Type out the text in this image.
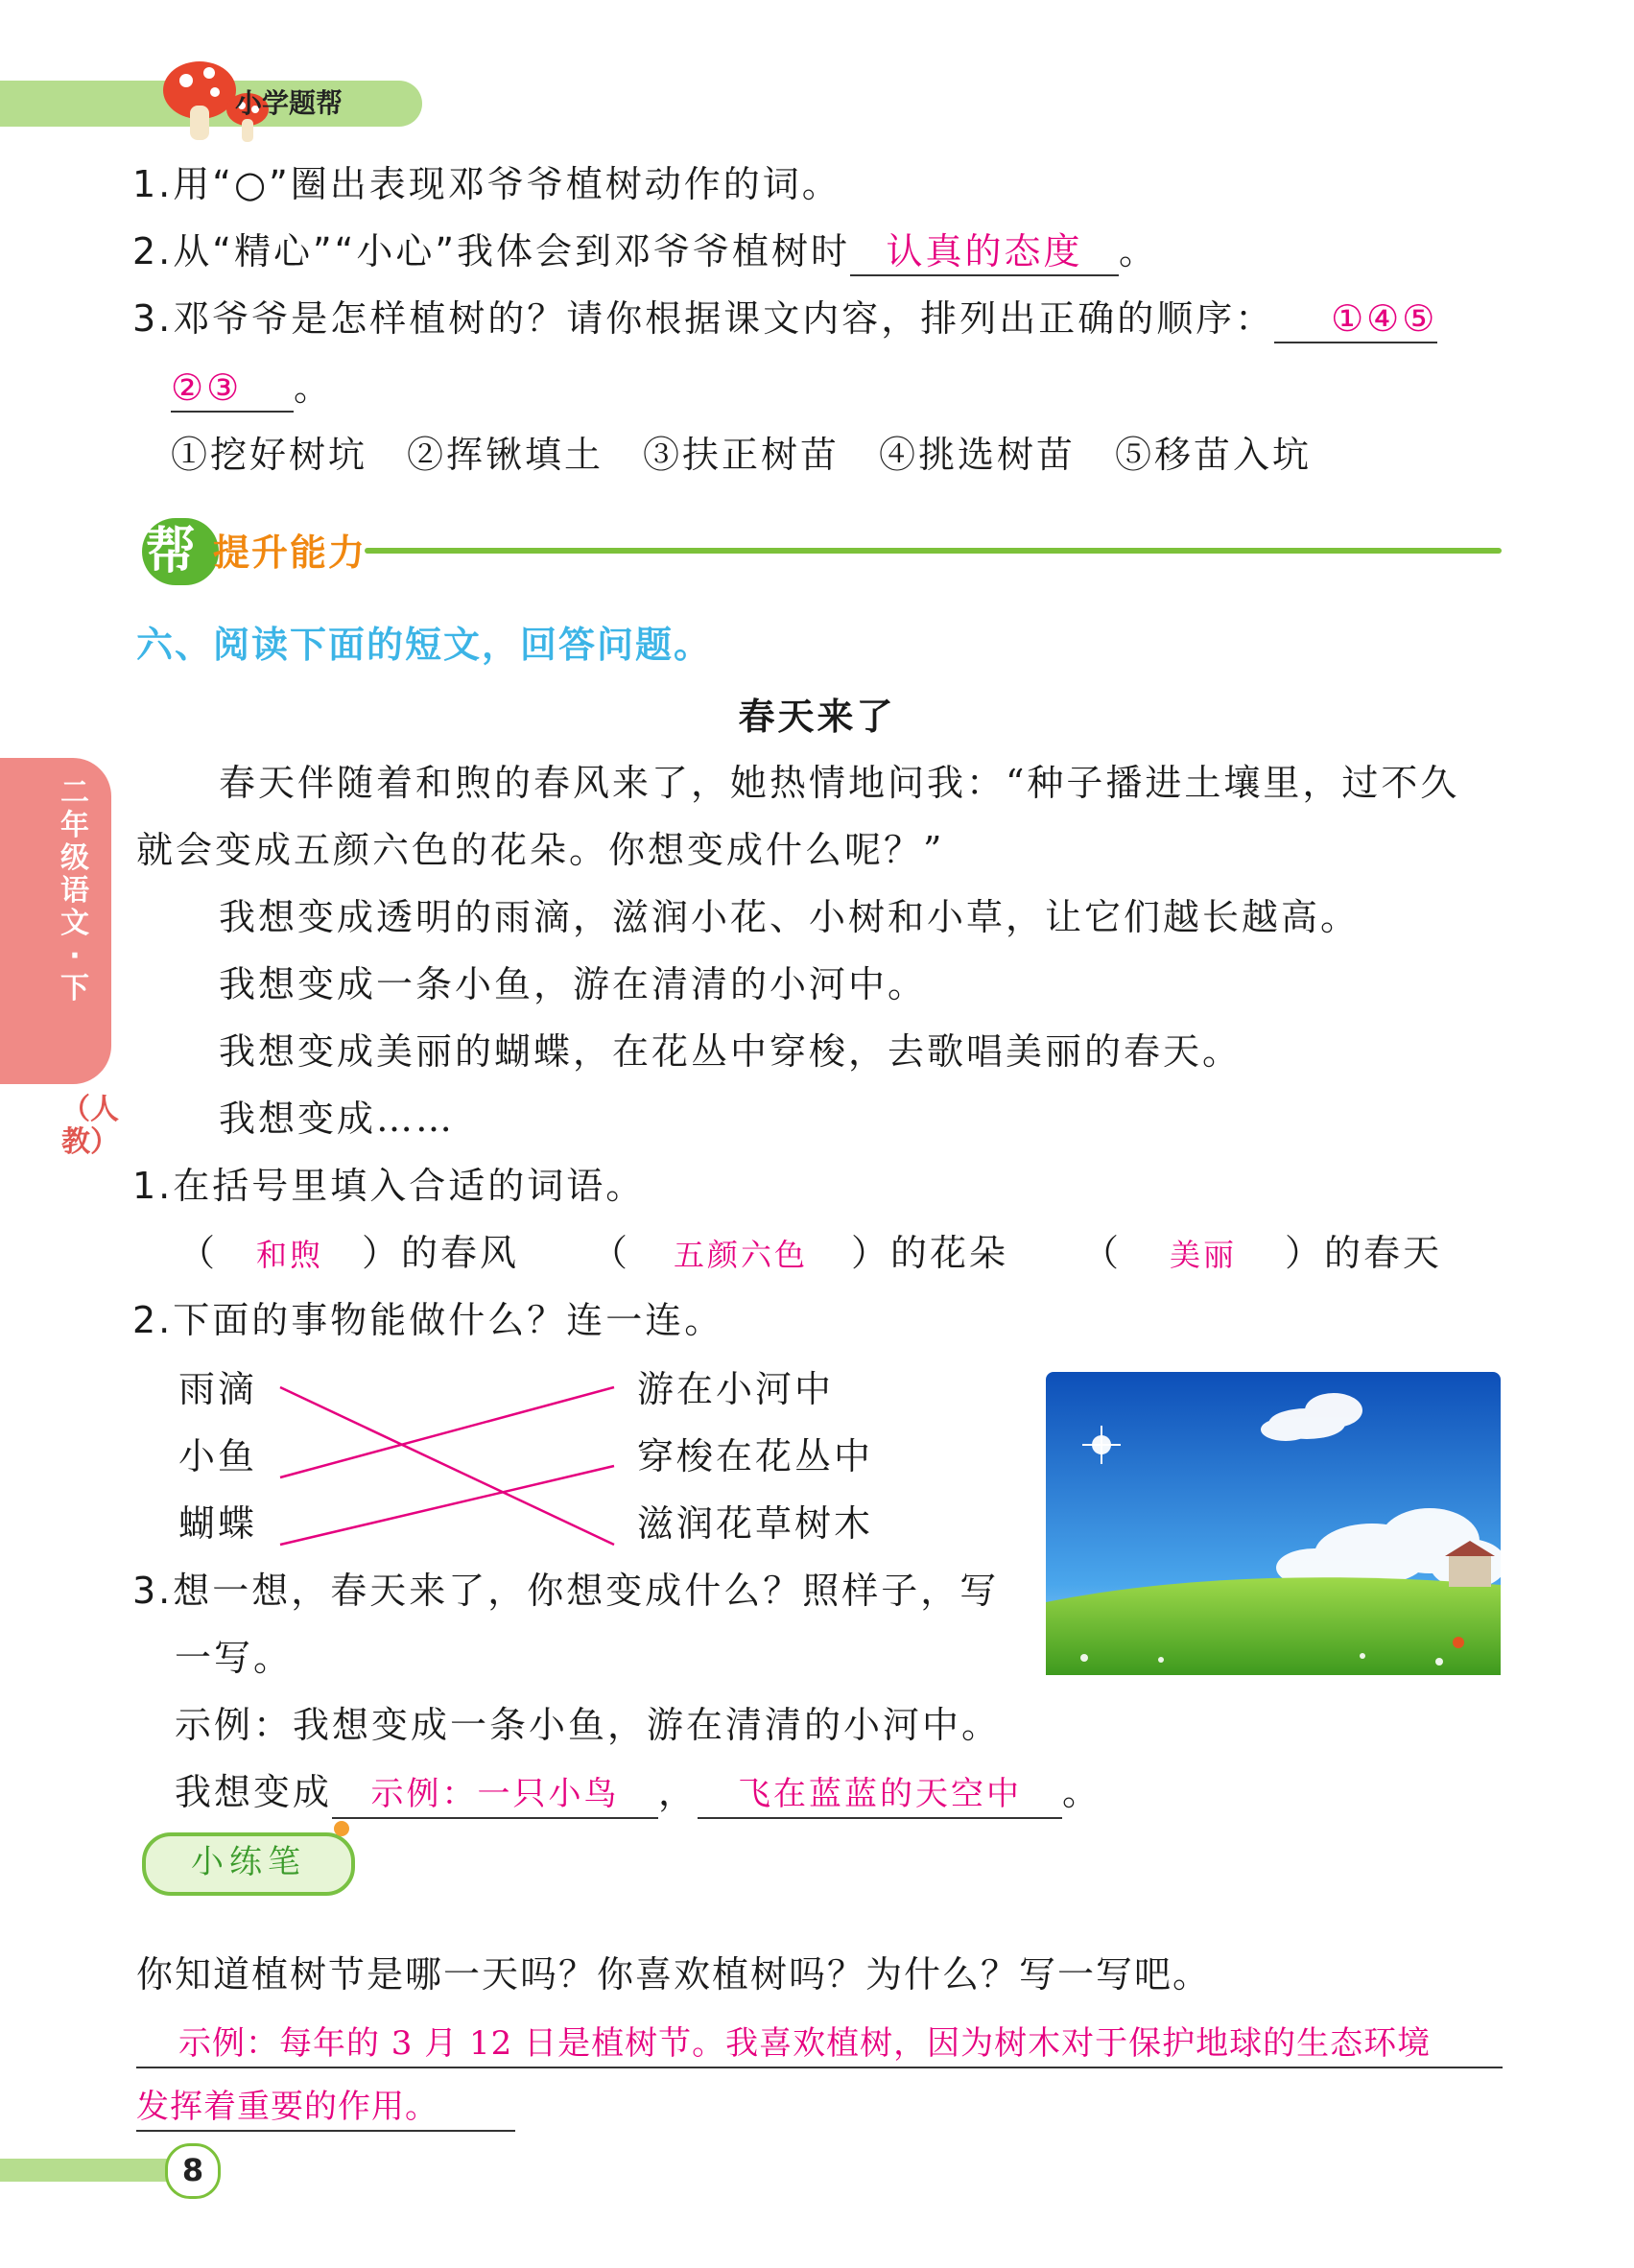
小学题帮
1.用“○”圈出表现邓爷爷植树动作的词。
2.从“精心”“小心”我体会到邓爷爷植树时 认真的态度 。
3.邓爷爷是怎样植树的？请你根据课文内容，排列出正确的顺序： ①④⑤
②③ 。
①挖好树坑　②挥锹填土　③扶正树苗　④挑选树苗　⑤移苗入坑
帮 提升能力
六、阅读下面的短文，回答问题。
春天来了
二年级语文·下
（人教）
春天伴随着和煦的春风来了，她热情地问我：“种子播进土壤里，过不久
就会变成五颜六色的花朵。你想变成什么呢？”
我想变成透明的雨滴，滋润小花、小树和小草，让它们越长越高。
我想变成一条小鱼，游在清清的小河中。
我想变成美丽的蝴蝶，在花丛中穿梭，去歌唱美丽的春天。
我想变成……
1.在括号里填入合适的词语。
（ 和煦 ）的春风 （ 五颜六色 ）的花朵 （ 美丽 ）的春天
2.下面的事物能做什么？连一连。
雨滴
小鱼
蝴蝶
游在小河中
穿梭在花丛中
滋润花草树木
3.想一想，春天来了，你想变成什么？照样子，写
一写。
示例：我想变成一条小鱼，游在清清的小河中。
我想变成 示例：一只小鸟 ， 飞在蓝蓝的天空中 。
小练笔
你知道植树节是哪一天吗？你喜欢植树吗？为什么？写一写吧。
示例：每年的 3 月 12 日是植树节。我喜欢植树，因为树木对于保护地球的生态环境
发挥着重要的作用。
8
